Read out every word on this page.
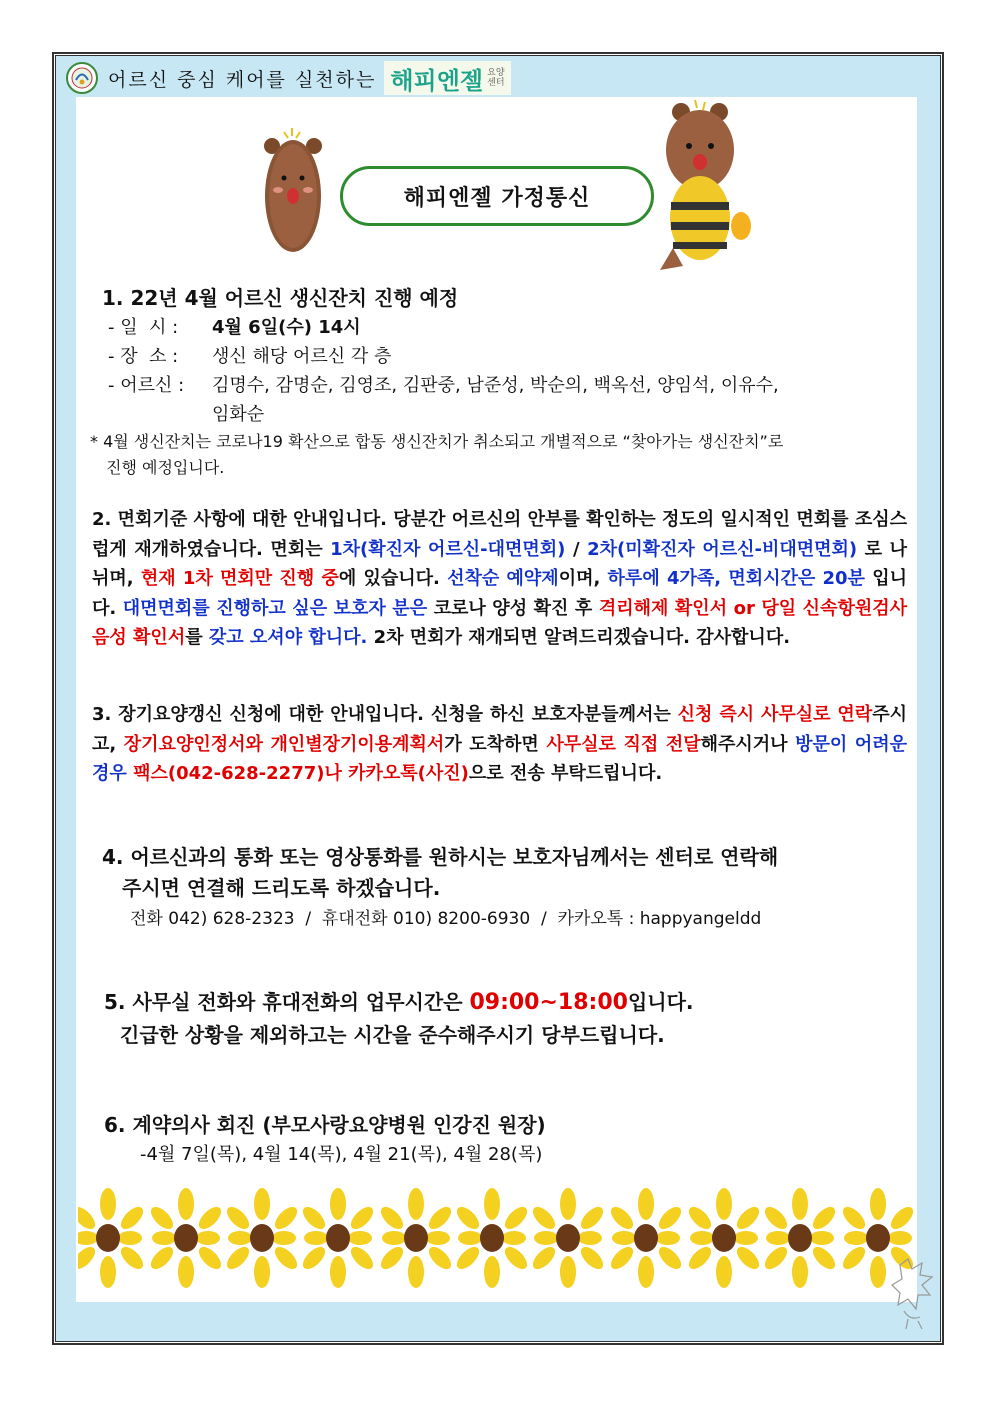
어르신 중심 케어를 실천하는 해피엔젤 요양
센터
해피엔젤 가정통신
1. 22년 4월 어르신 생신잔치 진행 예정
- 일  시 :	4월 6일(수) 14시
- 장  소 :	생신 해당 어르신 각 층
- 어르신 :	김명수, 감명순, 김영조, 김판중, 남준성, 박순의, 백옥선, 양임석, 이유수,
임화순
* 4월 생신잔치는 코로나19 확산으로 합동 생신잔치가 취소되고 개별적으로 “찾아가는 생신잔치”로
진행 예정입니다.
2. 면회기준 사항에 대한 안내입니다. 당분간 어르신의 안부를 확인하는 정도의 일시적인 면회를 조심스럽게 재개하였습니다. 면회는 1차(확진자 어르신-대면면회) / 2차(미확진자 어르신-비대면면회) 로 나뉘며, 현재 1차 면회만 진행 중에 있습니다. 선착순 예약제이며, 하루에 4가족, 면회시간은 20분 입니다. 대면면회를 진행하고 싶은 보호자 분은 코로나 양성 확진 후 격리해제 확인서 or 당일 신속항원검사 음성 확인서를 갖고 오셔야 합니다. 2차 면회가 재개되면 알려드리겠습니다. 감사합니다.
3. 장기요양갱신 신청에 대한 안내입니다. 신청을 하신 보호자분들께서는 신청 즉시 사무실로 연락주시고, 장기요양인정서와 개인별장기이용계획서가 도착하면 사무실로 직접 전달해주시거나 방문이 어려운 경우 팩스(042-628-2277)나 카카오톡(사진)으로 전송 부탁드립니다.
4. 어르신과의 통화 또는 영상통화를 원하시는 보호자님께서는 센터로 연락해
주시면 연결해 드리도록 하겠습니다.
전화 042) 628-2323  /  휴대전화 010) 8200-6930  /  카카오톡 : happyangeldd
5. 사무실 전화와 휴대전화의 업무시간은 09:00~18:00입니다.
긴급한 상황을 제외하고는 시간을 준수해주시기 당부드립니다.
6. 계약의사 회진 (부모사랑요양병원 인강진 원장)
-4월 7일(목), 4월 14(목), 4월 21(목), 4월 28(목)
